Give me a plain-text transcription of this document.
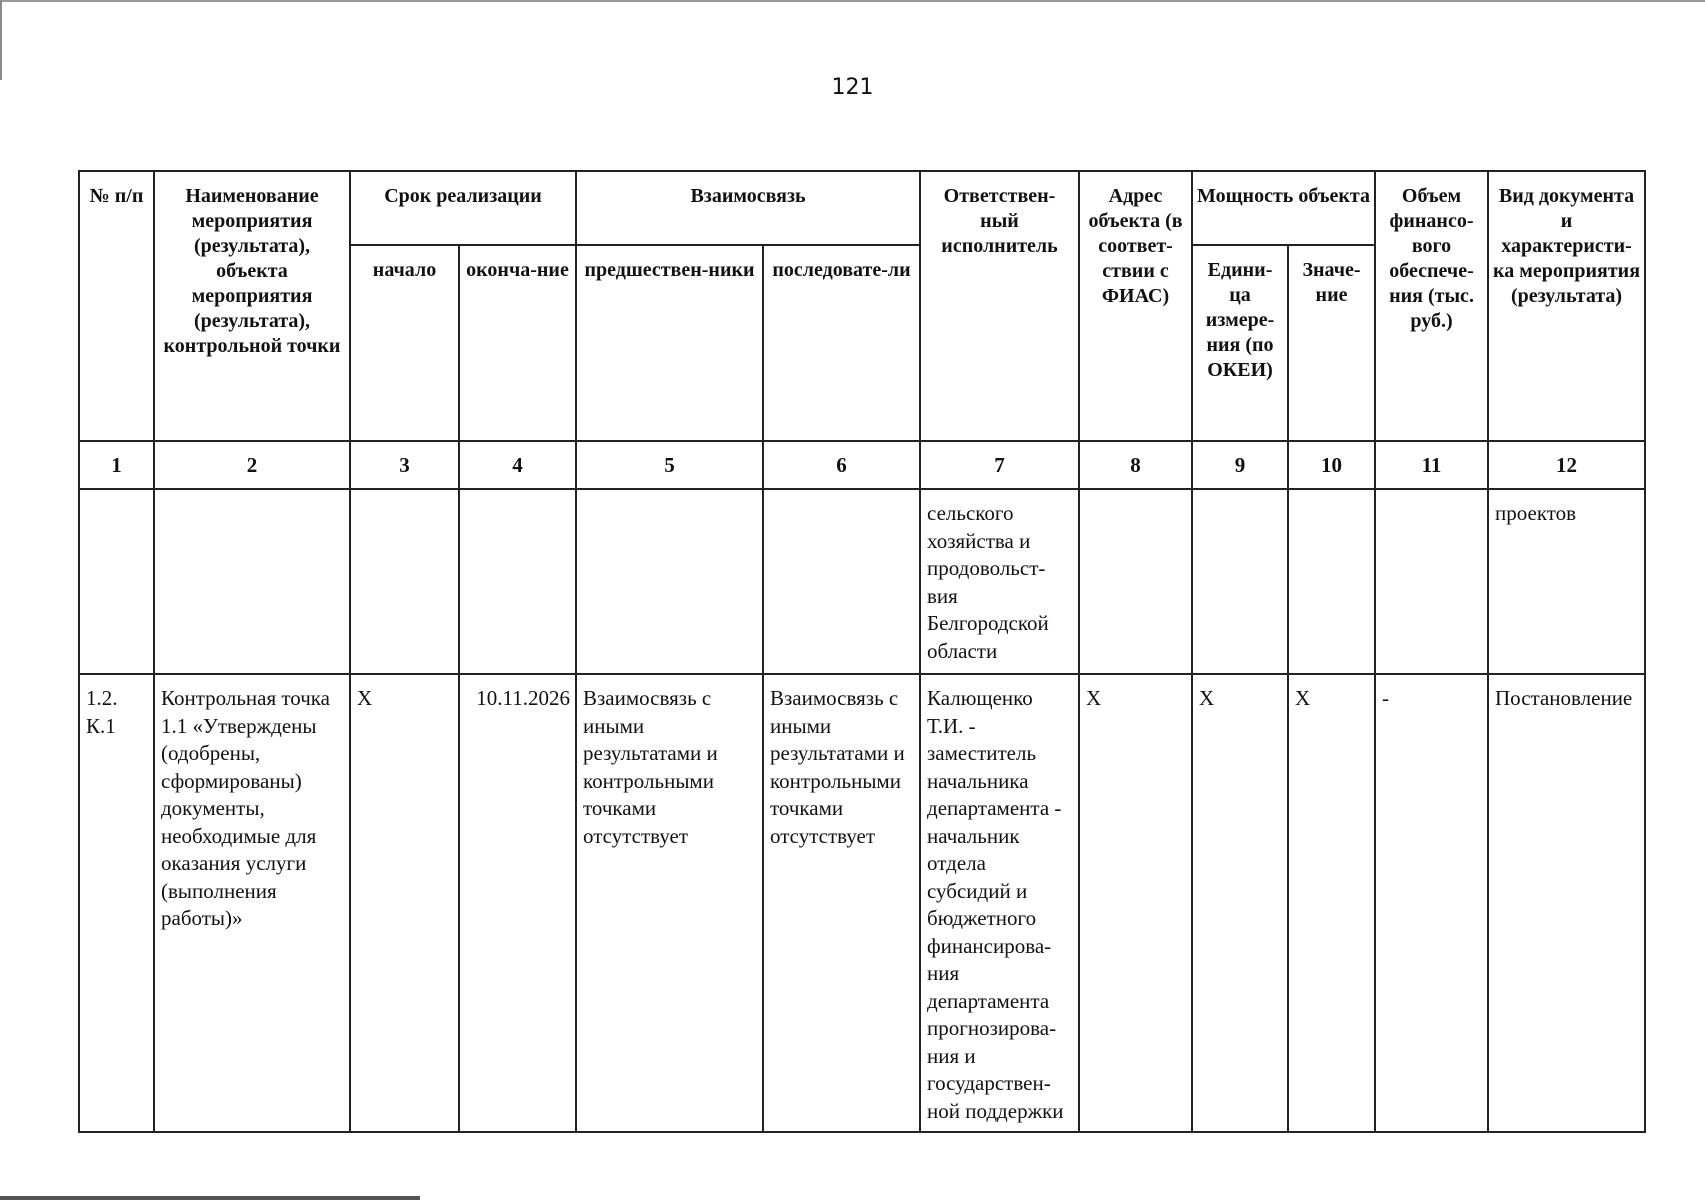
121
№ п/п	Наименование мероприятия (результата), объекта мероприятия (результата), контрольной точки	Срок реализации		Взаимосвязь		Ответствен-ный исполнитель	Адрес объекта (в соответ-ствии с ФИАС)	Мощность объекта		Объем финансо-вого обеспече-ния (тыс. руб.)	Вид документа и характеристи-ка мероприятия (результата)
		начало	оконча-ние	предшествен-ники	последовате-ли			Едини-ца измере-ния (по ОКЕИ)	Значе-ние		
1	2	3	4	5	6	7	8	9	10	11	12
						сельского хозяйства и продовольст-вия Белгородской области					проектов
1.2. К.1	Контрольная точка 1.1 «Утверждены (одобрены, сформированы) документы, необходимые для оказания услуги (выполнения работы)»	X	10.11.2026	Взаимосвязь с иными результатами и контрольными точками отсутствует	Взаимосвязь с иными результатами и контрольными точками отсутствует	Калющенко Т.И. - заместитель начальника департамента - начальник отдела субсидий и бюджетного финансирова-ния департамента прогнозирова-ния и государствен-ной поддержки	X	X	X	-	Постановление
